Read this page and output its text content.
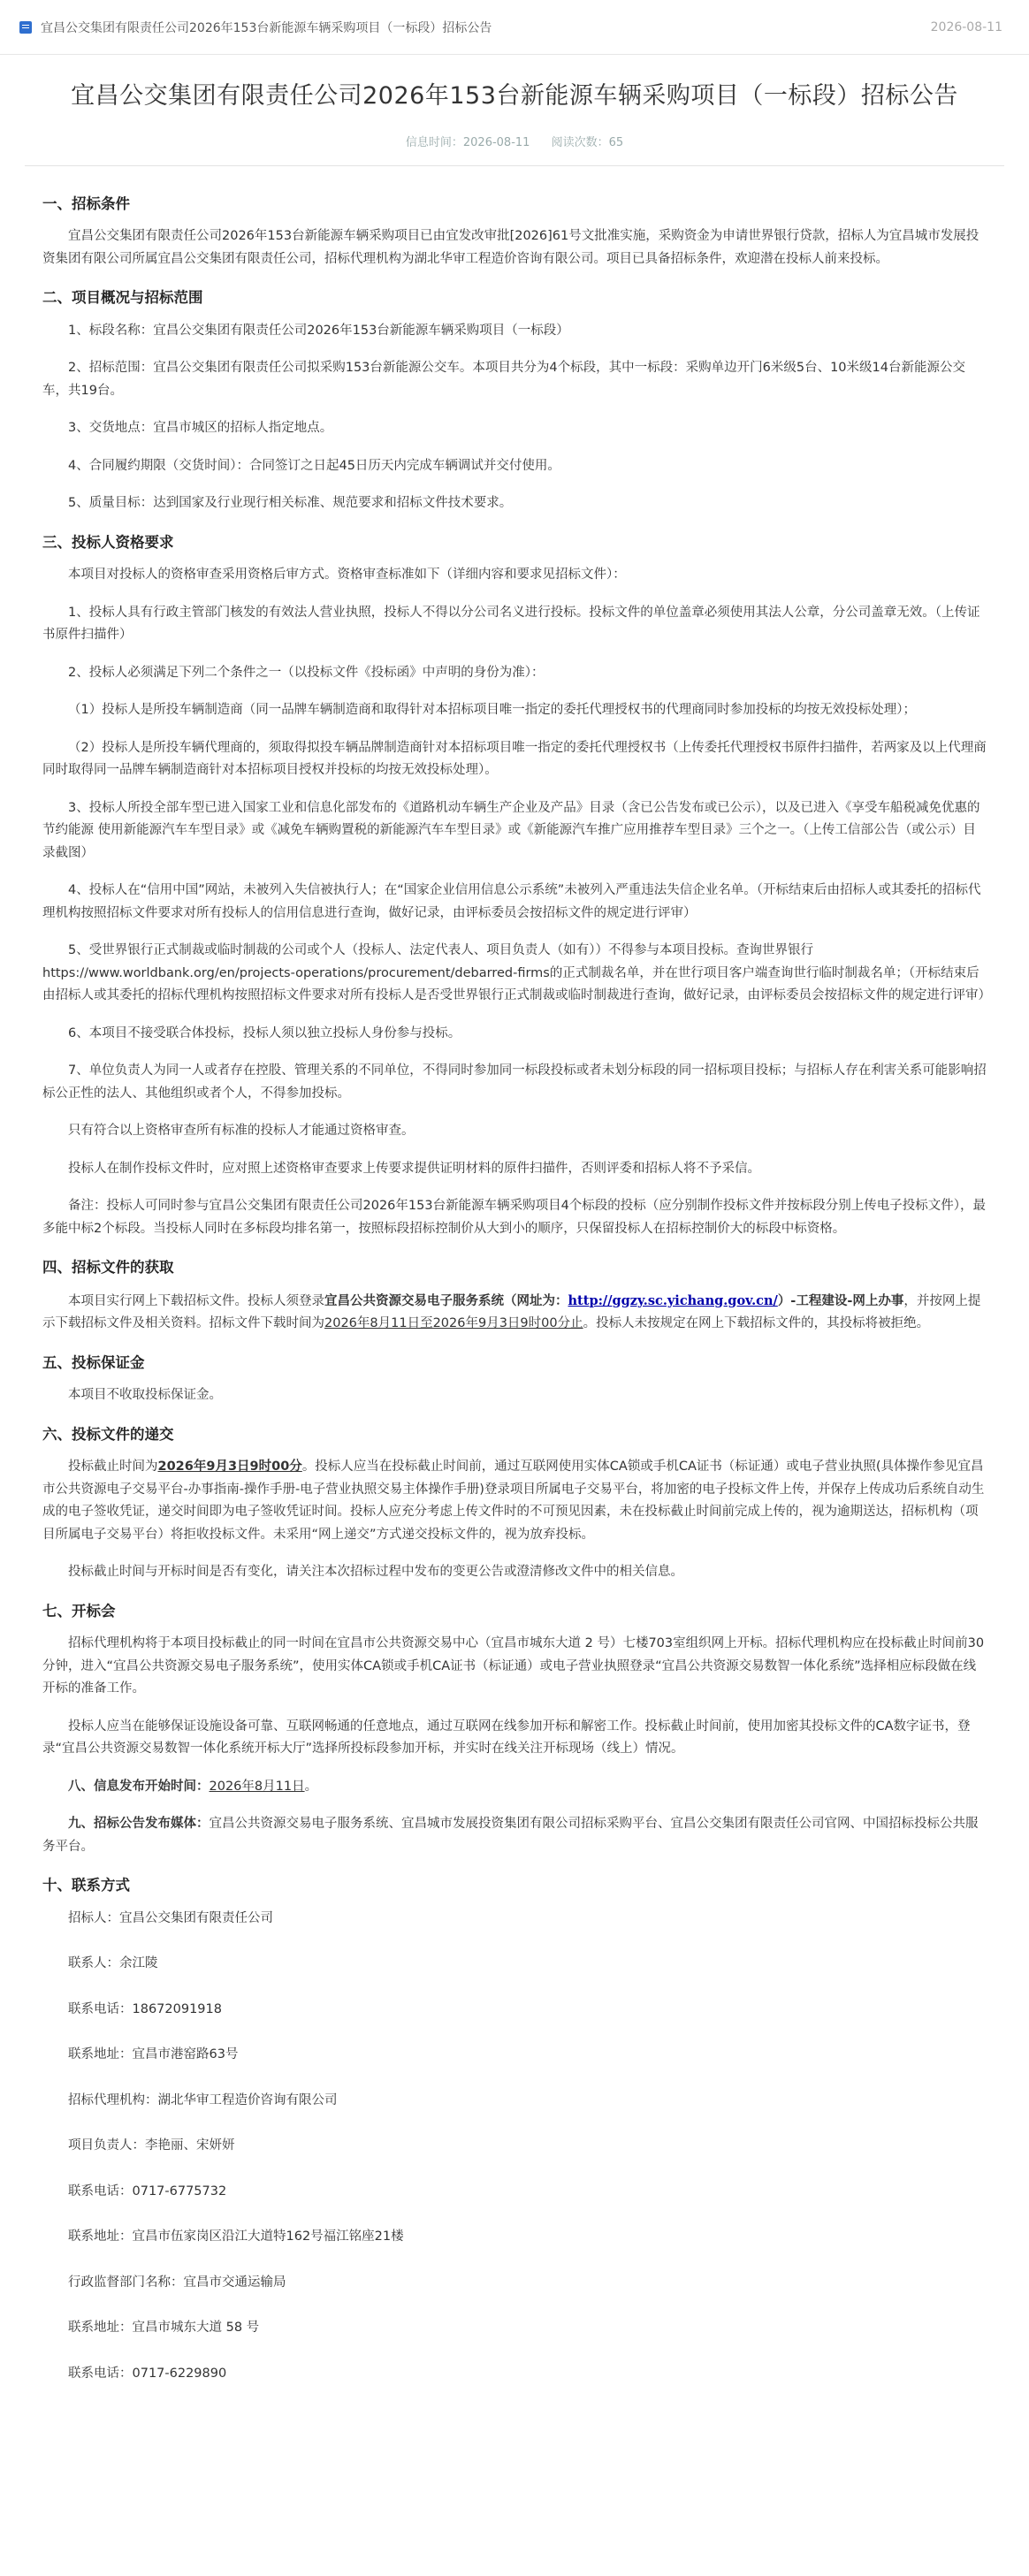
宜昌公交集团有限责任公司2026年153台新能源车辆采购项目（一标段）招标公告	2026-08-11
宜昌公交集团有限责任公司2026年153台新能源车辆采购项目（一标段）招标公告
信息时间：2026-08-11 阅读次数：65
一、招标条件

宜昌公交集团有限责任公司2026年153台新能源车辆采购项目已由宜发改审批[2026]61号文批准实施，采购资金为申请世界银行贷款，招标人为宜昌城市发展投资集团有限公司所属宜昌公交集团有限责任公司，招标代理机构为湖北华审工程造价咨询有限公司。项目已具备招标条件，欢迎潜在投标人前来投标。

二、项目概况与招标范围

1、标段名称：宜昌公交集团有限责任公司2026年153台新能源车辆采购项目（一标段）

2、招标范围：宜昌公交集团有限责任公司拟采购153台新能源公交车。本项目共分为4个标段，其中一标段：采购单边开门6米级5台、10米级14台新能源公交车，共19台。

3、交货地点：宜昌市城区的招标人指定地点。

4、合同履约期限（交货时间）：合同签订之日起45日历天内完成车辆调试并交付使用。

5、质量目标：达到国家及行业现行相关标准、规范要求和招标文件技术要求。

三、投标人资格要求

本项目对投标人的资格审查采用资格后审方式。资格审查标准如下（详细内容和要求见招标文件）：

1、投标人具有行政主管部门核发的有效法人营业执照，投标人不得以分公司名义进行投标。投标文件的单位盖章必须使用其法人公章，分公司盖章无效。（上传证书原件扫描件）

2、投标人必须满足下列二个条件之一（以投标文件《投标函》中声明的身份为准）：

（1）投标人是所投车辆制造商（同一品牌车辆制造商和取得针对本招标项目唯一指定的委托代理授权书的代理商同时参加投标的均按无效投标处理）；

（2）投标人是所投车辆代理商的，须取得拟投车辆品牌制造商针对本招标项目唯一指定的委托代理授权书（上传委托代理授权书原件扫描件，若两家及以上代理商同时取得同一品牌车辆制造商针对本招标项目授权并投标的均按无效投标处理）。

3、投标人所投全部车型已进入国家工业和信息化部发布的《道路机动车辆生产企业及产品》目录（含已公告发布或已公示），以及已进入《享受车船税减免优惠的节约能源 使用新能源汽车车型目录》或《减免车辆购置税的新能源汽车车型目录》或《新能源汽车推广应用推荐车型目录》三个之一。（上传工信部公告（或公示）目录截图）

4、投标人在“信用中国”网站，未被列入失信被执行人；在“国家企业信用信息公示系统”未被列入严重违法失信企业名单。（开标结束后由招标人或其委托的招标代理机构按照招标文件要求对所有投标人的信用信息进行查询，做好记录，由评标委员会按招标文件的规定进行评审）

5、受世界银行正式制裁或临时制裁的公司或个人（投标人、法定代表人、项目负责人（如有））不得参与本项目投标。查询世界银行https://www.worldbank.org/en/projects-operations/procurement/debarred-firms的正式制裁名单，并在世行项目客户端查询世行临时制裁名单；（开标结束后由招标人或其委托的招标代理机构按照招标文件要求对所有投标人是否受世界银行正式制裁或临时制裁进行查询，做好记录，由评标委员会按招标文件的规定进行评审）

6、本项目不接受联合体投标，投标人须以独立投标人身份参与投标。

7、单位负责人为同一人或者存在控股、管理关系的不同单位，不得同时参加同一标段投标或者未划分标段的同一招标项目投标；与招标人存在利害关系可能影响招标公正性的法人、其他组织或者个人，不得参加投标。

只有符合以上资格审查所有标准的投标人才能通过资格审查。

投标人在制作投标文件时，应对照上述资格审查要求上传要求提供证明材料的原件扫描件，否则评委和招标人将不予采信。

备注：投标人可同时参与宜昌公交集团有限责任公司2026年153台新能源车辆采购项目4个标段的投标（应分别制作投标文件并按标段分别上传电子投标文件），最多能中标2个标段。当投标人同时在多标段均排名第一，按照标段招标控制价从大到小的顺序，只保留投标人在招标控制价大的标段中标资格。

四、招标文件的获取

本项目实行网上下载招标文件。投标人须登录宜昌公共资源交易电子服务系统（网址为：http://ggzy.sc.yichang.gov.cn/）-工程建设-网上办事，并按网上提示下载招标文件及相关资料。招标文件下载时间为2026年8月11日至2026年9月3日9时00分止。投标人未按规定在网上下载招标文件的，其投标将被拒绝。

五、投标保证金

本项目不收取投标保证金。

六、投标文件的递交

投标截止时间为2026年9月3日9时00分。投标人应当在投标截止时间前，通过互联网使用实体CA锁或手机CA证书（标证通）或电子营业执照(具体操作参见宜昌市公共资源电子交易平台-办事指南-操作手册-电子营业执照交易主体操作手册)登录项目所属电子交易平台，将加密的电子投标文件上传，并保存上传成功后系统自动生成的电子签收凭证，递交时间即为电子签收凭证时间。投标人应充分考虑上传文件时的不可预见因素，未在投标截止时间前完成上传的，视为逾期送达，招标机构（项目所属电子交易平台）将拒收投标文件。未采用“网上递交”方式递交投标文件的，视为放弃投标。

投标截止时间与开标时间是否有变化，请关注本次招标过程中发布的变更公告或澄清修改文件中的相关信息。

七、开标会

招标代理机构将于本项目投标截止的同一时间在宜昌市公共资源交易中心（宜昌市城东大道 2 号）七楼703室组织网上开标。招标代理机构应在投标截止时间前30分钟，进入“宜昌公共资源交易电子服务系统”，使用实体CA锁或手机CA证书（标证通）或电子营业执照登录“宜昌公共资源交易数智一体化系统”选择相应标段做在线开标的准备工作。

投标人应当在能够保证设施设备可靠、互联网畅通的任意地点，通过互联网在线参加开标和解密工作。投标截止时间前，使用加密其投标文件的CA数字证书，登录“宜昌公共资源交易数智一体化系统开标大厅”选择所投标段参加开标，并实时在线关注开标现场（线上）情况。

八、信息发布开始时间：2026年8月11日。

九、招标公告发布媒体：宜昌公共资源交易电子服务系统、宜昌城市发展投资集团有限公司招标采购平台、宜昌公交集团有限责任公司官网、中国招标投标公共服务平台。

十、联系方式

招标人：宜昌公交集团有限责任公司

联系人：余江陵

联系电话：18672091918

联系地址：宜昌市港窑路63号

招标代理机构：湖北华审工程造价咨询有限公司

项目负责人：李艳丽、宋妍妍

联系电话：0717-6775732

联系地址：宜昌市伍家岗区沿江大道特162号福江铭座21楼

行政监督部门名称：宜昌市交通运输局

联系地址：宜昌市城东大道 58 号

联系电话：0717-6229890
